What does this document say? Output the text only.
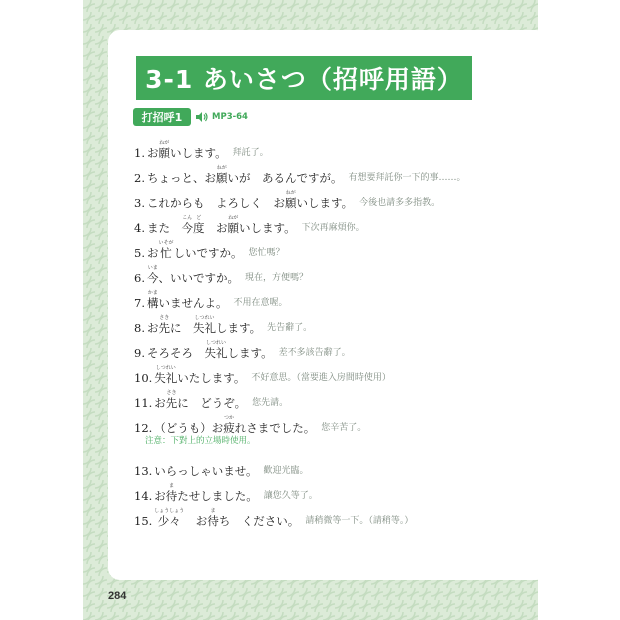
3-1 あいさつ（招呼用語）
打招呼1	MP3-64
1. お
ねが
願 いします。 拜託了。
2. ちょっと、お
ねが
願 いが　あるんですが。 有想要拜託你一下的事……。
3. これからも　よろしく　お
ねが
願 いします。 今後也請多多指教。
4. また　
こん
今
ど
度 　お
ねが
願 いします。 下次再麻煩你。
5. お
いそが
忙 しいですか。 您忙嗎？
6.
いま
今 、いいですか。 現在，方便嗎？
7.
かま
構 いませんよ。 不用在意喔。
8. お
さき
先 に　
しつれい
失礼 します。 先告辭了。
9. そろそろ　
しつれい
失礼 します。 差不多該告辭了。
10.
しつれい
失礼 いたします。 不好意思。（當要進入房間時使用）
11. お
さき
先 に　どうぞ。 您先請。
12. （どうも）お
つか
疲 れさまでした。 您辛苦了。
13. いらっしゃいませ。 歡迎光臨。
14. お
ま
待 たせしました。 讓您久等了。
15.
しょうしょう
少々 　お
ま
待 ち　ください。 請稍微等一下。（請稍等。）
注意：下對上的立場時使用。
284
